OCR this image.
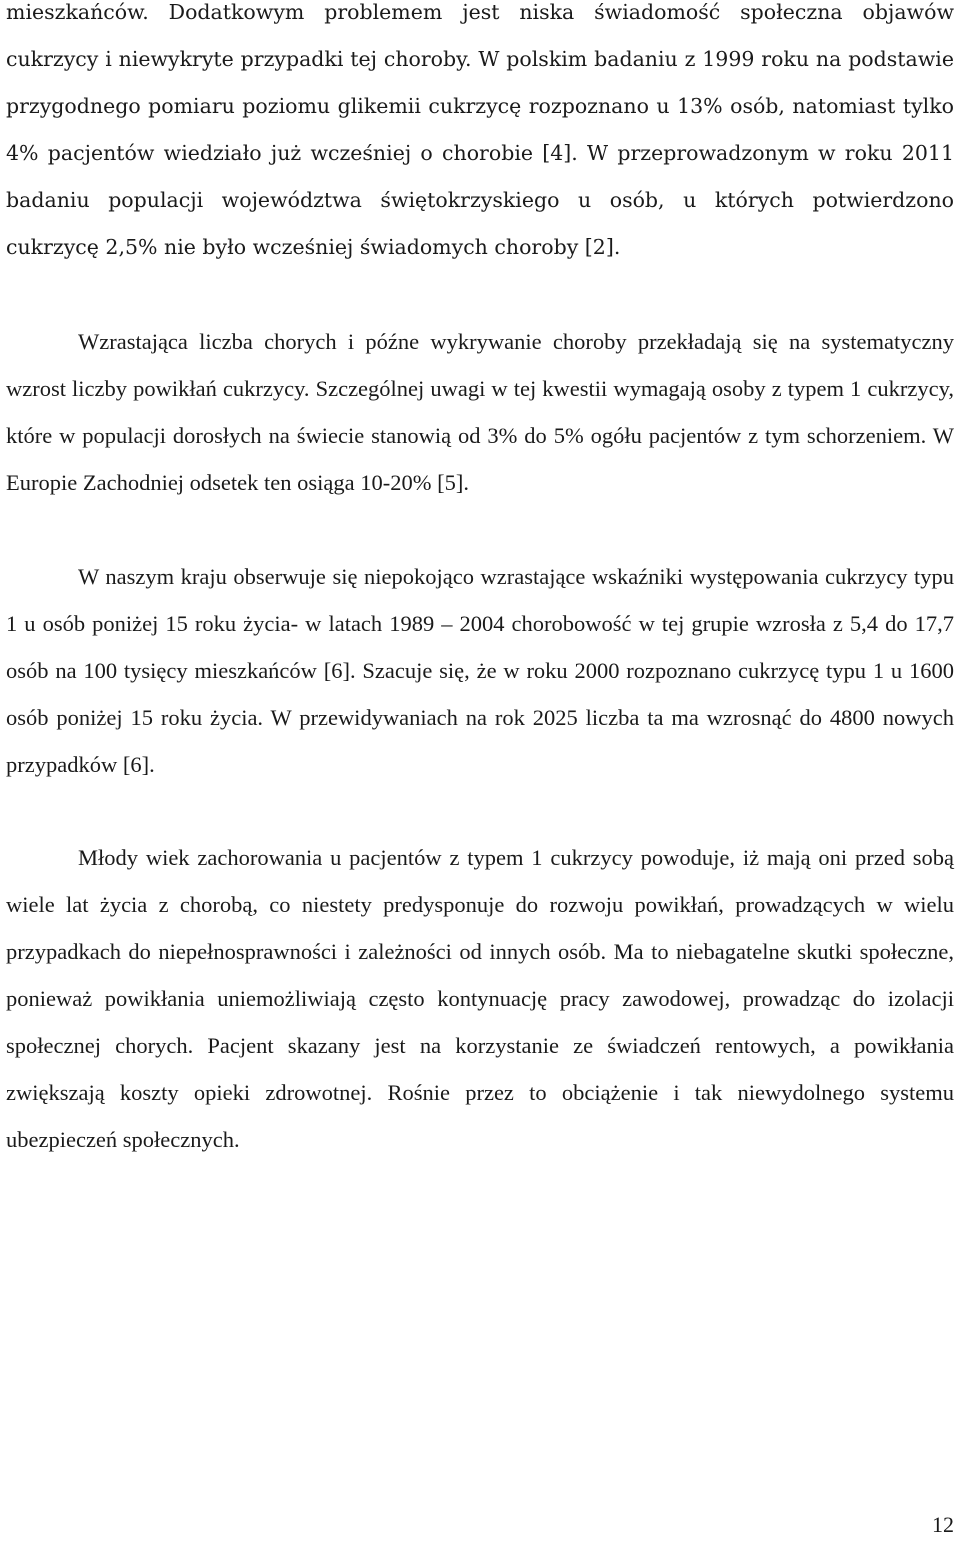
mieszkańców. Dodatkowym problemem jest niska świadomość społeczna objawów cukrzycy i niewykryte przypadki tej choroby. W polskim badaniu z 1999 roku na podstawie przygodnego pomiaru poziomu glikemii cukrzycę rozpoznano u 13% osób, natomiast tylko 4% pacjentów wiedziało już wcześniej o chorobie [4]. W przeprowadzonym w roku 2011 badaniu populacji województwa świętokrzyskiego u osób, u których potwierdzono cukrzycę 2,5% nie było wcześniej świadomych choroby [2].

Wzrastająca liczba chorych i późne wykrywanie choroby przekładają się na systematyczny wzrost liczby powikłań cukrzycy. Szczególnej uwagi w tej kwestii wymagają osoby z typem 1 cukrzycy, które w populacji dorosłych na świecie stanowią od 3% do 5% ogółu pacjentów z tym schorzeniem. W Europie Zachodniej odsetek ten osiąga 10-20% [5].

W naszym kraju obserwuje się niepokojąco wzrastające wskaźniki występowania cukrzycy typu 1 u osób poniżej 15 roku życia- w latach 1989 – 2004 chorobowość w tej grupie wzrosła z 5,4 do 17,7 osób na 100 tysięcy mieszkańców [6]. Szacuje się, że w roku 2000 rozpoznano cukrzycę typu 1 u 1600 osób poniżej 15 roku życia. W przewidywaniach na rok 2025 liczba ta ma wzrosnąć do 4800 nowych przypadków [6].

Młody wiek zachorowania u pacjentów z typem 1 cukrzycy powoduje, iż mają oni przed sobą wiele lat życia z chorobą, co niestety predysponuje do rozwoju powikłań, prowadzących w wielu przypadkach do niepełnosprawności i zależności od innych osób. Ma to niebagatelne skutki społeczne, ponieważ powikłania uniemożliwiają często kontynuację pracy zawodowej, prowadząc do izolacji społecznej chorych. Pacjent skazany jest na korzystanie ze świadczeń rentowych, a powikłania zwiększają koszty opieki zdrowotnej. Rośnie przez to obciążenie i tak niewydolnego systemu ubezpieczeń społecznych.

12
